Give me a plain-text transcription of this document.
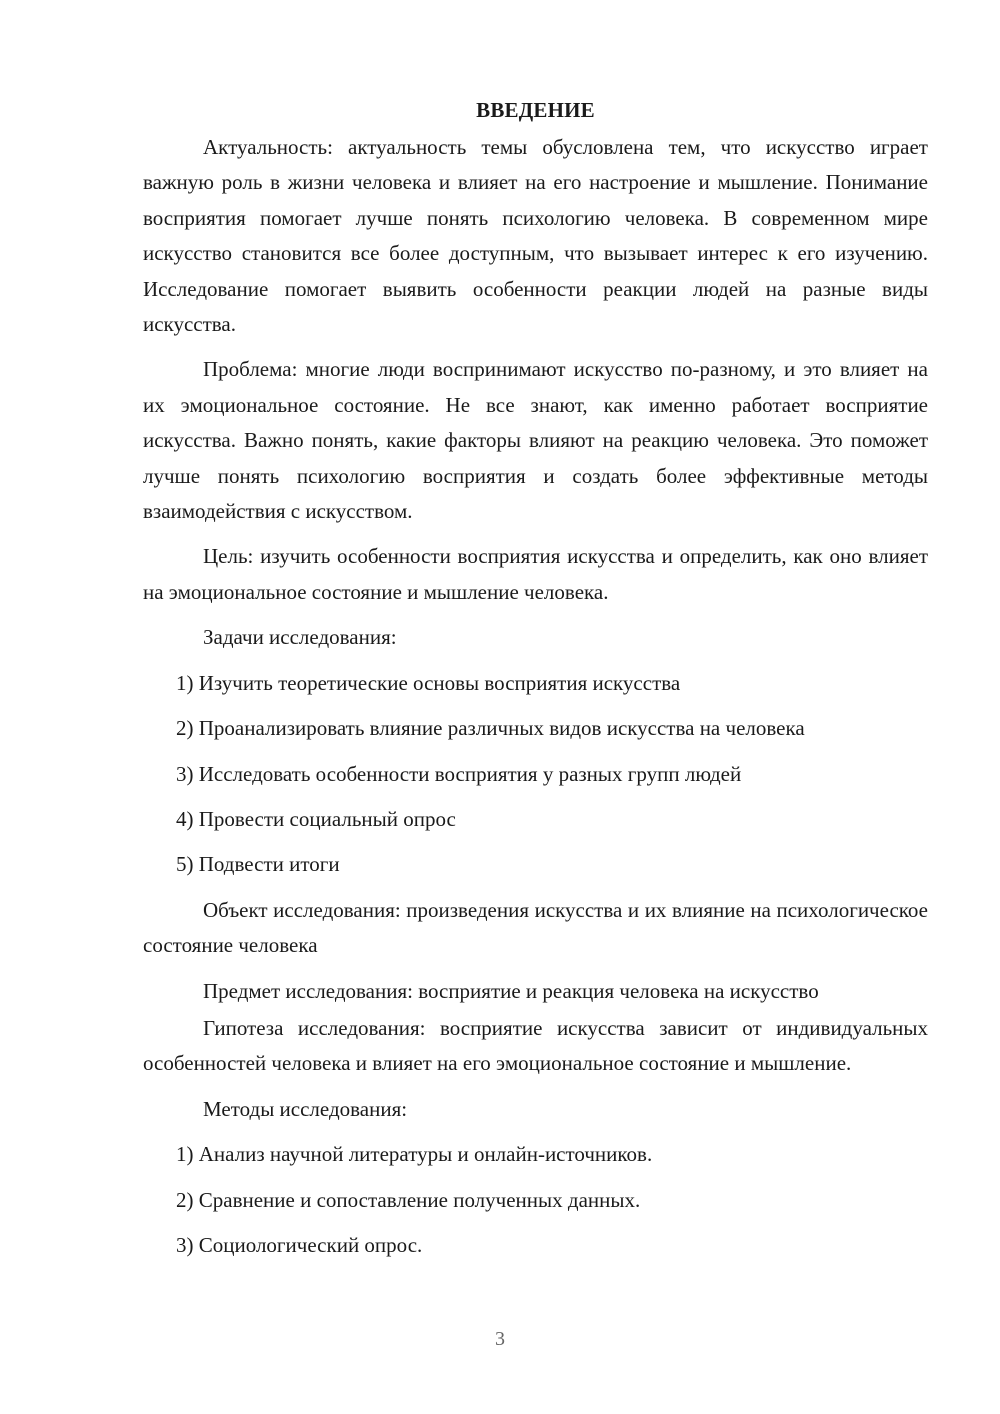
ВВЕДЕНИЕ

Актуальность: актуальность темы обусловлена тем, что искусство играет важную роль в жизни человека и влияет на его настроение и мышление. Понимание восприятия помогает лучше понять психологию человека. В современном мире искусство становится все более доступным, что вызывает интерес к его изучению. Исследование помогает выявить особенности реакции людей на разные виды искусства.

Проблема: многие люди воспринимают искусство по-разному, и это влияет на их эмоциональное состояние. Не все знают, как именно работает восприятие искусства. Важно понять, какие факторы влияют на реакцию человека. Это поможет лучше понять психологию восприятия и создать более эффективные методы взаимодействия с искусством.

Цель: изучить особенности восприятия искусства и определить, как оно влияет на эмоциональное состояние и мышление человека.

Задачи исследования:

1) Изучить теоретические основы восприятия искусства
2) Проанализировать влияние различных видов искусства на человека
3) Исследовать особенности восприятия у разных групп людей
4) Провести социальный опрос
5) Подвести итоги

Объект исследования: произведения искусства и их влияние на психологическое состояние человека

Предмет исследования: восприятие и реакция человека на искусство

Гипотеза исследования: восприятие искусства зависит от индивидуальных особенностей человека и влияет на его эмоциональное состояние и мышление.

Методы исследования:

1) Анализ научной литературы и онлайн-источников.
2) Сравнение и сопоставление полученных данных.
3) Социологический опрос.
3
